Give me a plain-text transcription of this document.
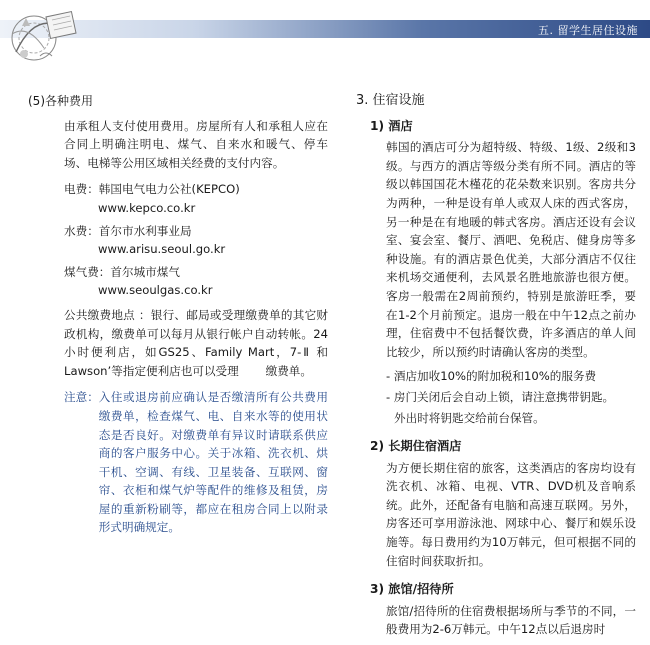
五. 留学生居住设施
(5)各种费用
由承租人支付使用费用。房屋所有人和承租人应在合同上明确注明电、煤气、自来水和暖气、停车场、电梯等公用区域相关经费的支付内容。
电费：韩国电气电力公社(KEPCO)
www.kepco.co.kr
水费：首尔市水利事业局
www.arisu.seoul.go.kr
煤气费：首尔城市煤气
www.seoulgas.co.kr
公共缴费地点 ：银行、邮局或受理缴费单的其它财政机构，缴费单可以每月从银行帐户自动转帐。24小时便利店，如GS25、Family Mart，7-Ⅱ 和 Lawson’等指定便利店也可以受理　　 缴费单。
注意： 入住或退房前应确认是否缴清所有公共费用缴费单，检查煤气、电、自来水等的使用状态是否良好。对缴费单有异议时请联系供应商的客户服务中心。关于冰箱、洗衣机、烘干机、空调、有线、卫星装备、互联网、窗帘、衣柜和煤气炉等配件的维修及租赁，房屋的重新粉刷等，都应在租房合同上以附录形式明确规定。
3. 住宿设施
1) 酒店
韩国的酒店可分为超特级、特级、1级、2级和3级。与西方的酒店等级分类有所不同。酒店的等级以韩国国花木槿花的花朵数来识别。客房共分为两种，一种是设有单人或双人床的西式客房，另一种是在有地暖的韩式客房。酒店还设有会议室、宴会室、餐厅、酒吧、免税店、健身房等多种设施。有的酒店景色优美，大部分酒店不仅往来机场交通便利，去风景名胜地旅游也很方便。客房一般需在2周前预约，特别是旅游旺季，要在1-2个月前预定。退房一般在中午12点之前办理，住宿费中不包括餐饮费，许多酒店的单人间比较少，所以预约时请确认客房的类型。
- 酒店加收10%的附加税和10%的服务费
- 房门关闭后会自动上锁，请注意携带钥匙。
外出时将钥匙交给前台保管。
2) 长期住宿酒店
为方便长期住宿的旅客，这类酒店的客房均设有洗衣机、冰箱、电视、VTR、DVD机及音响系统。此外，还配备有电脑和高速互联网。另外，房客还可享用游泳池、网球中心、餐厅和娱乐设施等。每日费用约为10万韩元，但可根据不同的住宿时间获取折扣。
3) 旅馆/招待所
旅馆/招待所的住宿费根据场所与季节的不同，一般费用为2-6万韩元。中午12点以后退房时
